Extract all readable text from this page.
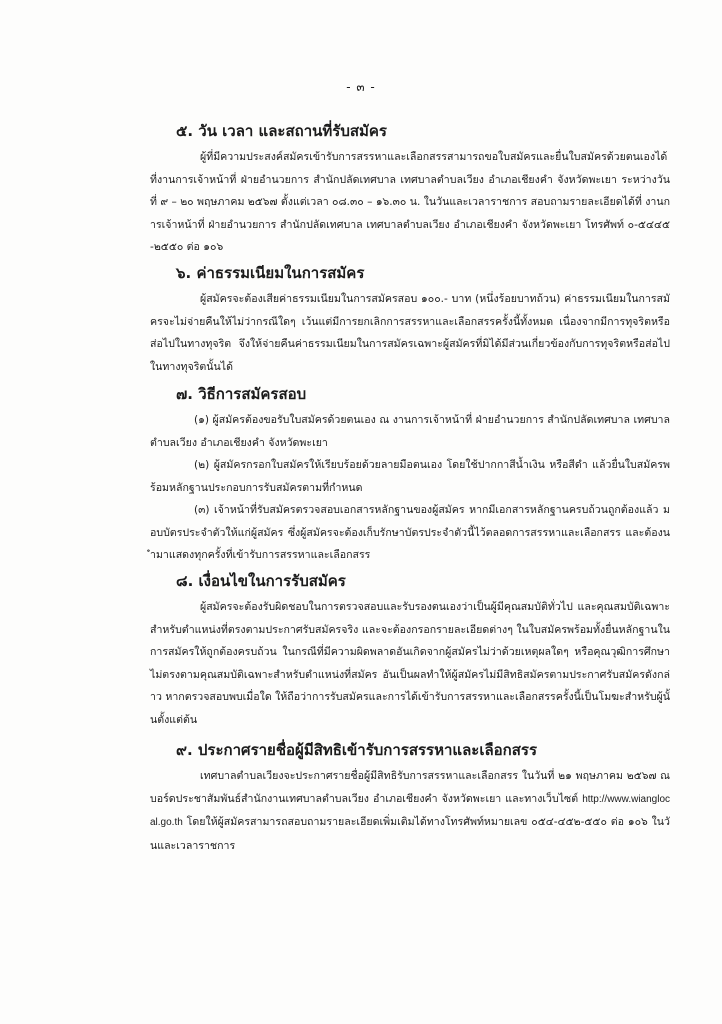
- ๓ -
๕. วัน เวลา และสถานที่รับสมัคร

ผู้ที่มีความประสงค์สมัครเข้ารับการสรรหาและเลือกสรรสามารถขอใบสมัครและยื่นใบสมัครด้วยตนเองได้ที่งานการเจ้าหน้าที่ ฝ่ายอำนวยการ สำนักปลัดเทศบาล เทศบาลตำบลเวียง อำเภอเชียงคำ จังหวัดพะเยา ระหว่างวันที่ ๙ – ๒๐ พฤษภาคม ๒๕๖๗ ตั้งแต่เวลา ๐๘.๓๐ – ๑๖.๓๐ น. ในวันและเวลาราชการ สอบถามรายละเอียดได้ที่ งานการเจ้าหน้าที่ ฝ่ายอำนวยการ สำนักปลัดเทศบาล เทศบาลตำบลเวียง อำเภอเชียงคำ จังหวัดพะเยา โทรศัพท์ ๐-๕๔๔๕-๒๕๕๐ ต่อ ๑๐๖

๖. ค่าธรรมเนียมในการสมัคร

ผู้สมัครจะต้องเสียค่าธรรมเนียมในการสมัครสอบ ๑๐๐.- บาท (หนึ่งร้อยบาทถ้วน) ค่าธรรมเนียมในการสมัครจะไม่จ่ายคืนให้ไม่ว่ากรณีใดๆ เว้นแต่มีการยกเลิกการสรรหาและเลือกสรรครั้งนี้ทั้งหมด เนื่องจากมีการทุจริตหรือส่อไปในทางทุจริต จึงให้จ่ายคืนค่าธรรมเนียมในการสมัครเฉพาะผู้สมัครที่มิได้มีส่วนเกี่ยวข้องกับการทุจริตหรือส่อไปในทางทุจริตนั้นได้

๗. วิธีการสมัครสอบ

(๑) ผู้สมัครต้องขอรับใบสมัครด้วยตนเอง ณ งานการเจ้าหน้าที่ ฝ่ายอำนวยการ สำนักปลัดเทศบาล เทศบาลตำบลเวียง อำเภอเชียงคำ จังหวัดพะเยา

(๒) ผู้สมัครกรอกใบสมัครให้เรียบร้อยด้วยลายมือตนเอง โดยใช้ปากกาสีน้ำเงิน หรือสีดำ แล้วยื่นใบสมัครพร้อมหลักฐานประกอบการรับสมัครตามที่กำหนด

(๓) เจ้าหน้าที่รับสมัครตรวจสอบเอกสารหลักฐานของผู้สมัคร หากมีเอกสารหลักฐานครบถ้วนถูกต้องแล้ว มอบบัตรประจำตัวให้แก่ผู้สมัคร ซึ่งผู้สมัครจะต้องเก็บรักษาบัตรประจำตัวนี้ไว้ตลอดการสรรหาและเลือกสรร และต้องนำมาแสดงทุกครั้งที่เข้ารับการสรรหาและเลือกสรร

๘. เงื่อนไขในการรับสมัคร

ผู้สมัครจะต้องรับผิดชอบในการตรวจสอบและรับรองตนเองว่าเป็นผู้มีคุณสมบัติทั่วไป และคุณสมบัติเฉพาะสำหรับตำแหน่งที่ตรงตามประกาศรับสมัครจริง และจะต้องกรอกรายละเอียดต่างๆ ในใบสมัครพร้อมทั้งยื่นหลักฐานในการสมัครให้ถูกต้องครบถ้วน ในกรณีที่มีความผิดพลาดอันเกิดจากผู้สมัครไม่ว่าด้วยเหตุผลใดๆ หรือคุณวุฒิการศึกษาไม่ตรงตามคุณสมบัติเฉพาะสำหรับตำแหน่งที่สมัคร อันเป็นผลทำให้ผู้สมัครไม่มีสิทธิสมัครตามประกาศรับสมัครดังกล่าว หากตรวจสอบพบเมื่อใด ให้ถือว่าการรับสมัครและการได้เข้ารับการสรรหาและเลือกสรรครั้งนี้เป็นโมฆะสำหรับผู้นั้นตั้งแต่ต้น

๙. ประกาศรายชื่อผู้มีสิทธิเข้ารับการสรรหาและเลือกสรร

เทศบาลตำบลเวียงจะประกาศรายชื่อผู้มีสิทธิรับการสรรหาและเลือกสรร ในวันที่ ๒๑ พฤษภาคม ๒๕๖๗ ณ บอร์ดประชาสัมพันธ์สำนักงานเทศบาลตำบลเวียง อำเภอเชียงคำ จังหวัดพะเยา และทางเว็บไซต์ http://www.wianglocal.go.th โดยให้ผู้สมัครสามารถสอบถามรายละเอียดเพิ่มเติมได้ทางโทรศัพท์หมายเลข ๐๕๔-๔๕๒-๕๕๐ ต่อ ๑๐๖ ในวันและเวลาราชการ
